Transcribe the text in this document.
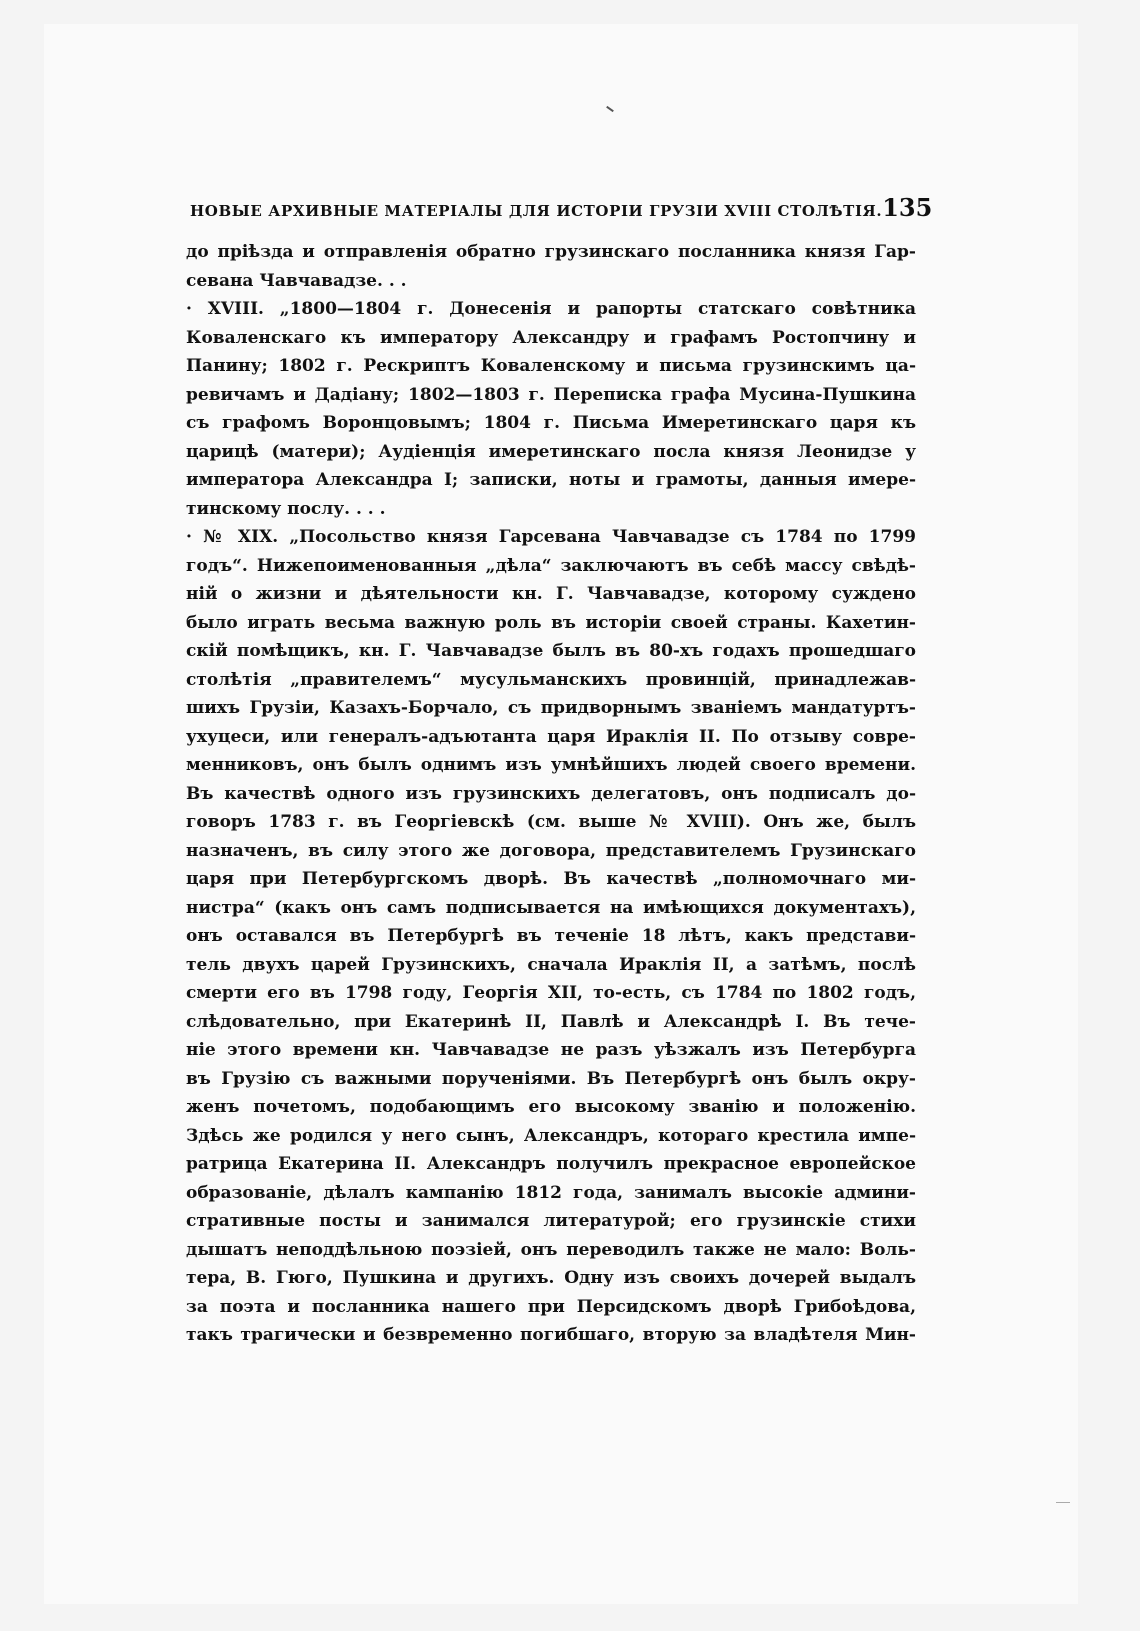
НОВЫЕ АРХИВНЫЕ МАТЕРІАЛЫ ДЛЯ ИСТОРІИ ГРУЗІИ XVIII СТОЛѢТІЯ. 135
до пріѣзда и отправленія обратно грузинскаго посланника князя Гар-
севана Чавчавадзе. . .
· XVIII. „1800—1804 г. Донесенія и рапорты статскаго совѣтника
Коваленскаго къ императору Александру и графамъ Ростопчину и
Панину; 1802 г. Рескриптъ Коваленскому и письма грузинскимъ ца-
ревичамъ и Дадіану; 1802—1803 г. Переписка графа Мусина-Пушкина
съ графомъ Воронцовымъ; 1804 г. Письма Имеретинскаго царя къ
царицѣ (матери); Аудіенція имеретинскаго посла князя Леонидзе у
императора Александра I; записки, ноты и грамоты, данныя имере-
тинскому послу. . . .
· № XIX. „Посольство князя Гарсевана Чавчавадзе съ 1784 по 1799
годъ“. Нижепоименованныя „дѣла“ заключаютъ въ себѣ массу свѣдѣ-
ній о жизни и дѣятельности кн. Г. Чавчавадзе, которому суждено
было играть весьма важную роль въ исторіи своей страны. Кахетин-
скій помѣщикъ, кн. Г. Чавчавадзе былъ въ 80-хъ годахъ прошедшаго
столѣтія „правителемъ“ мусульманскихъ провинцій, принадлежав-
шихъ Грузіи, Казахъ-Борчало, съ придворнымъ званіемъ мандатуртъ-
ухуцеси, или генералъ-адъютанта царя Ираклія II. По отзыву совре-
менниковъ, онъ былъ однимъ изъ умнѣйшихъ людей своего времени.
Въ качествѣ одного изъ грузинскихъ делегатовъ, онъ подписалъ до-
говоръ 1783 г. въ Георгіевскѣ (см. выше № XVIII). Онъ же, былъ
назначенъ, въ силу этого же договора, представителемъ Грузинскаго
царя при Петербургскомъ дворѣ. Въ качествѣ „полномочнаго ми-
нистра“ (какъ онъ самъ подписывается на имѣющихся документахъ),
онъ оставался въ Петербургѣ въ теченіе 18 лѣтъ, какъ представи-
тель двухъ царей Грузинскихъ, сначала Ираклія II, а затѣмъ, послѣ
смерти его въ 1798 году, Георгія XII, то-есть, съ 1784 по 1802 годъ,
слѣдовательно, при Екатеринѣ II, Павлѣ и Александрѣ I. Въ тече-
ніе этого времени кн. Чавчавадзе не разъ уѣзжалъ изъ Петербурга
въ Грузію съ важными порученіями. Въ Петербургѣ онъ былъ окру-
женъ почетомъ, подобающимъ его высокому званію и положенію.
Здѣсь же родился у него сынъ, Александръ, котораго крестила импе-
ратрица Екатерина II. Александръ получилъ прекрасное европейское
образованіе, дѣлалъ кампанію 1812 года, занималъ высокіе админи-
стративные посты и занимался литературой; его грузинскіе стихи
дышатъ неподдѣльною поэзіей, онъ переводилъ также не мало: Воль-
тера, В. Гюго, Пушкина и другихъ. Одну изъ своихъ дочерей выдалъ
за поэта и посланника нашего при Персидскомъ дворѣ Грибоѣдова,
такъ трагически и безвременно погибшаго, вторую за владѣтеля Мин-
